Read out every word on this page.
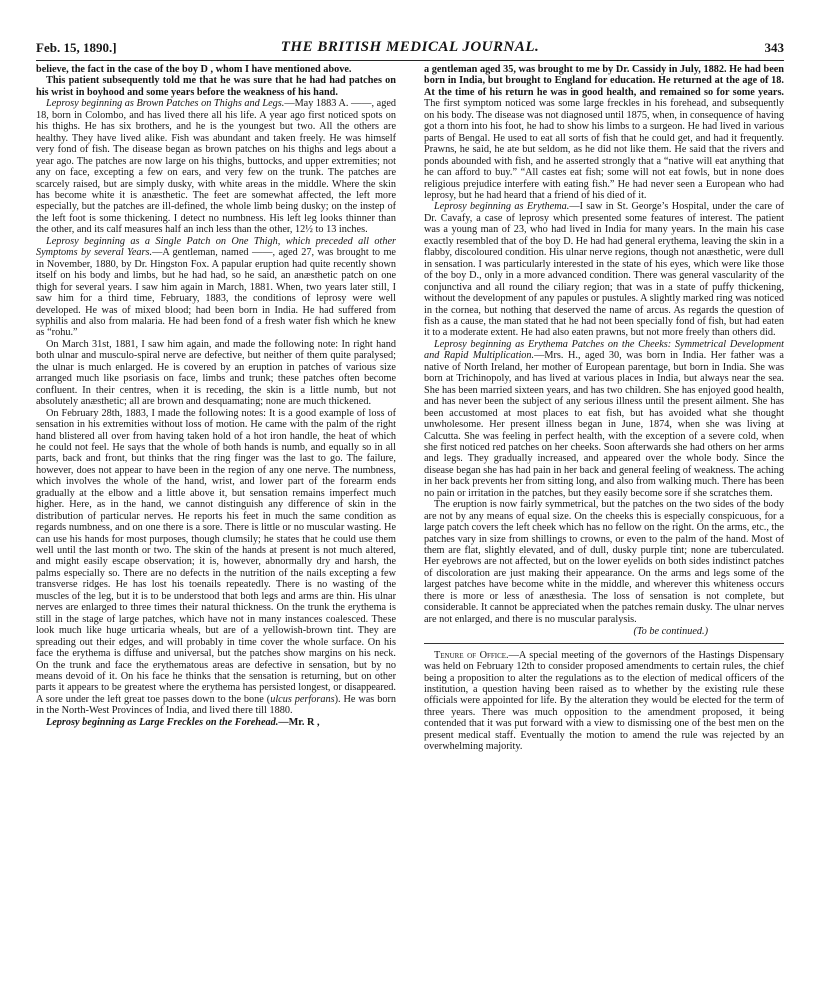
Feb. 15, 1890.]	THE BRITISH MEDICAL JOURNAL.	343

believe, the fact in the case of the boy D , whom I have mentioned above.

This patient subsequently told me that he was sure that he had had patches on his wrist in boyhood and some years before the weakness of his hand.

Leprosy beginning as Brown Patches on Thighs and Legs.—May 1883 A. ——, aged 18, born in Colombo, and has lived there all his life. A year ago first noticed spots on his thighs. He has six brothers, and he is the youngest but two. All the others are healthy. They have lived alike. Fish was abundant and taken freely. He was himself very fond of fish. The disease began as brown patches on his thighs and legs about a year ago. The patches are now large on his thighs, buttocks, and upper extremities; not any on face, excepting a few on ears, and very few on the trunk. The patches are scarcely raised, but are simply dusky, with white areas in the middle. Where the skin has become white it is anæsthetic. The feet are somewhat affected, the left more especially, but the patches are ill-defined, the whole limb being dusky; on the instep of the left foot is some thickening. I detect no numbness. His left leg looks thinner than the other, and its calf measures half an inch less than the other, 12½ to 13 inches.

Leprosy beginning as a Single Patch on One Thigh, which preceded all other Symptoms by several Years.—A gentleman, named ——, aged 27, was brought to me in November, 1880, by Dr. Hingston Fox. A papular eruption had quite recently shown itself on his body and limbs, but he had had, so he said, an anæsthetic patch on one thigh for several years. I saw him again in March, 1881. When, two years later still, I saw him for a third time, February, 1883, the conditions of leprosy were well developed. He was of mixed blood; had been born in India. He had suffered from syphilis and also from malaria. He had been fond of a fresh water fish which he knew as “rohu.”

On March 31st, 1881, I saw him again, and made the following note: In right hand both ulnar and musculo-spiral nerve are defective, but neither of them quite paralysed; the ulnar is much enlarged. He is covered by an eruption in patches of various size arranged much like psoriasis on face, limbs and trunk; these patches often become confluent. In their centres, when it is receding, the skin is a little numb, but not absolutely anæsthetic; all are brown and desquamating; none are much thickened.

On February 28th, 1883, I made the following notes: It is a good example of loss of sensation in his extremities without loss of motion. He came with the palm of the right hand blistered all over from having taken hold of a hot iron handle, the heat of which he could not feel. He says that the whole of both hands is numb, and equally so in all parts, back and front, but thinks that the ring finger was the last to go. The failure, however, does not appear to have been in the region of any one nerve. The numbness, which involves the whole of the hand, wrist, and lower part of the forearm ends gradually at the elbow and a little above it, but sensation remains imperfect much higher. Here, as in the hand, we cannot distinguish any difference of skin in the distribution of particular nerves. He reports his feet in much the same condition as regards numbness, and on one there is a sore. There is little or no muscular wasting. He can use his hands for most purposes, though clumsily; he states that he could use them well until the last month or two. The skin of the hands at present is not much altered, and might easily escape observation; it is, however, abnormally dry and harsh, the palms especially so. There are no defects in the nutrition of the nails excepting a few transverse ridges. He has lost his toenails repeatedly. There is no wasting of the muscles of the leg, but it is to be understood that both legs and arms are thin. His ulnar nerves are enlarged to three times their natural thickness. On the trunk the erythema is still in the stage of large patches, which have not in many instances coalesced. These look much like huge urticaria wheals, but are of a yellowish-brown tint. They are spreading out their edges, and will probably in time cover the whole surface. On his face the erythema is diffuse and universal, but the patches show margins on his neck. On the trunk and face the erythematous areas are defective in sensation, but by no means devoid of it. On his face he thinks that the sensation is returning, but on other parts it appears to be greatest where the erythema has persisted longest, or disappeared. A sore under the left great toe passes down to the bone (ulcus perforans). He was born in the North-West Provinces of India, and lived there till 1880.

Leprosy beginning as Large Freckles on the Forehead.—Mr. R ,

a gentleman aged 35, was brought to me by Dr. Cassidy in July, 1882. He had been born in India, but brought to England for education. He returned at the age of 18. At the time of his return he was in good health, and remained so for some years. The first symptom noticed was some large freckles in his forehead, and subsequently on his body. The disease was not diagnosed until 1875, when, in consequence of having got a thorn into his foot, he had to show his limbs to a surgeon. He had lived in various parts of Bengal. He used to eat all sorts of fish that he could get, and had it frequently. Prawns, he said, he ate but seldom, as he did not like them. He said that the rivers and ponds abounded with fish, and he asserted strongly that a “native will eat anything that he can afford to buy.” “All castes eat fish; some will not eat fowls, but in none does religious prejudice interfere with eating fish.” He had never seen a European who had leprosy, but he had heard that a friend of his died of it.

Leprosy beginning as Erythema.—I saw in St. George’s Hospital, under the care of Dr. Cavafy, a case of leprosy which presented some features of interest. The patient was a young man of 23, who had lived in India for many years. In the main his case exactly resembled that of the boy D. He had had general erythema, leaving the skin in a flabby, discoloured condition. His ulnar nerve regions, though not anæsthetic, were dull in sensation. I was particularly interested in the state of his eyes, which were like those of the boy D., only in a more advanced condition. There was general vascularity of the conjunctiva and all round the ciliary region; that was in a state of puffy thickening, without the development of any papules or pustules. A slightly marked ring was noticed in the cornea, but nothing that deserved the name of arcus. As regards the question of fish as a cause, the man stated that he had not been specially fond of fish, but had eaten it to a moderate extent. He had also eaten prawns, but not more freely than others did.

Leprosy beginning as Erythema Patches on the Cheeks: Symmetrical Development and Rapid Multiplication.—Mrs. H., aged 30, was born in India. Her father was a native of North Ireland, her mother of European parentage, but born in India. She was born at Trichinopoly, and has lived at various places in India, but always near the sea. She has been married sixteen years, and has two children. She has enjoyed good health, and has never been the subject of any serious illness until the present ailment. She has been accustomed at most places to eat fish, but has avoided what she thought unwholesome. Her present illness began in June, 1874, when she was living at Calcutta. She was feeling in perfect health, with the exception of a severe cold, when she first noticed red patches on her cheeks. Soon afterwards she had others on her arms and legs. They gradually increased, and appeared over the whole body. Since the disease began she has had pain in her back and general feeling of weakness. The aching in her back prevents her from sitting long, and also from walking much. There has been no pain or irritation in the patches, but they easily become sore if she scratches them.

The eruption is now fairly symmetrical, but the patches on the two sides of the body are not by any means of equal size. On the cheeks this is especially conspicuous, for a large patch covers the left cheek which has no fellow on the right. On the arms, etc., the patches vary in size from shillings to crowns, or even to the palm of the hand. Most of them are flat, slightly elevated, and of dull, dusky purple tint; none are tuberculated. Her eyebrows are not affected, but on the lower eyelids on both sides indistinct patches of discoloration are just making their appearance. On the arms and legs some of the largest patches have become white in the middle, and wherever this whiteness occurs there is more or less of anæsthesia. The loss of sensation is not complete, but considerable. It cannot be appreciated when the patches remain dusky. The ulnar nerves are not enlarged, and there is no muscular paralysis.

(To be continued.)

Tenure of Office.—A special meeting of the governors of the Hastings Dispensary was held on February 12th to consider proposed amendments to certain rules, the chief being a proposition to alter the regulations as to the election of medical officers of the institution, a question having been raised as to whether by the existing rule these officials were appointed for life. By the alteration they would be elected for the term of three years. There was much opposition to the amendment proposed, it being contended that it was put forward with a view to dismissing one of the best men on the present medical staff. Eventually the motion to amend the rule was rejected by an overwhelming majority.
